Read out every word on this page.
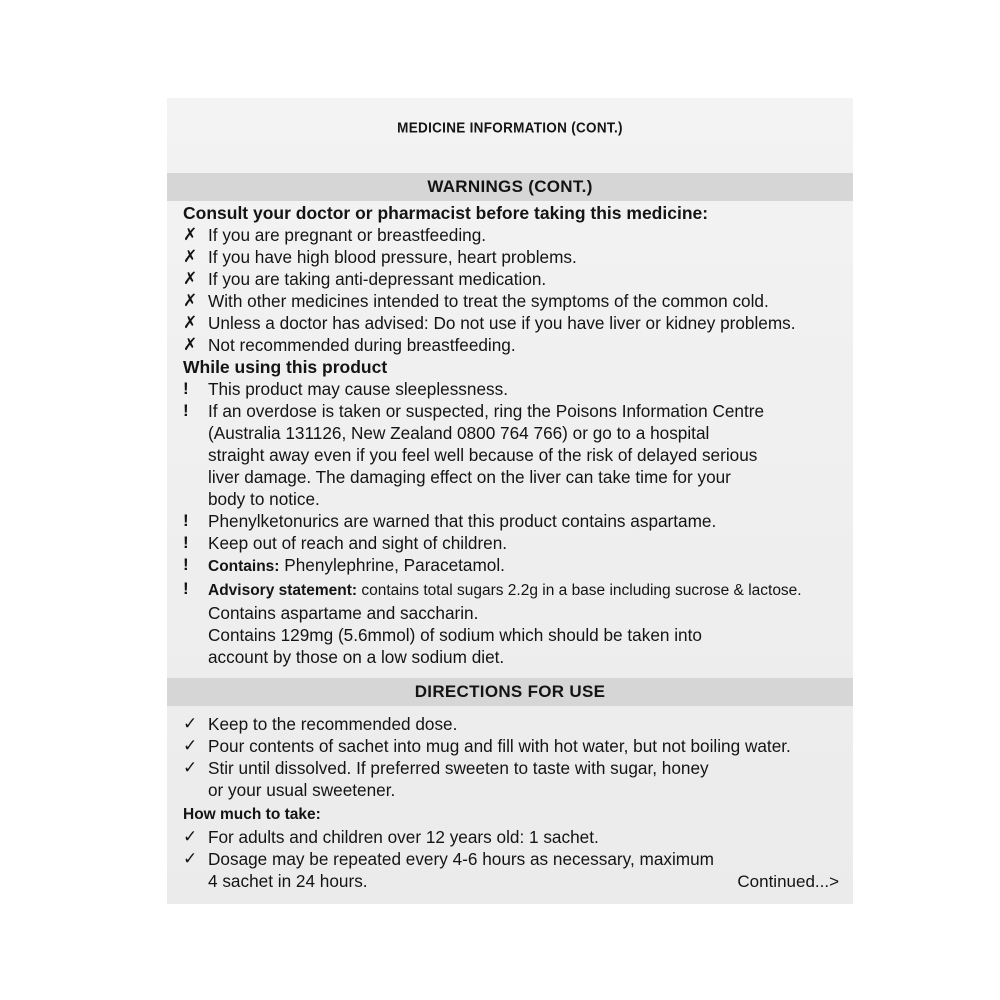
MEDICINE INFORMATION (CONT.)
WARNINGS (CONT.)
Consult your doctor or pharmacist before taking this medicine:
✗ If you are pregnant or breastfeeding.
✗ If you have high blood pressure, heart problems.
✗ If you are taking anti-depressant medication.
✗ With other medicines intended to treat the symptoms of the common cold.
✗ Unless a doctor has advised: Do not use if you have liver or kidney problems.
✗ Not recommended during breastfeeding.
While using this product
!	This product may cause sleeplessness.
!	If an overdose is taken or suspected, ring the Poisons Information Centre
(Australia 131126, New Zealand 0800 764 766) or go to a hospital
straight away even if you feel well because of the risk of delayed serious
liver damage. The damaging effect on the liver can take time for your
body to notice.
!	Phenylketonurics are warned that this product contains aspartame.
!	Keep out of reach and sight of children.
!	Contains: Phenylephrine, Paracetamol.
!	Advisory statement: contains total sugars 2.2g in a base including sucrose & lactose.
Contains aspartame and saccharin.
Contains 129mg (5.6mmol) of sodium which should be taken into
account by those on a low sodium diet.
DIRECTIONS FOR USE
✓ Keep to the recommended dose.
✓ Pour contents of sachet into mug and fill with hot water, but not boiling water.
✓ Stir until dissolved. If preferred sweeten to taste with sugar, honey
or your usual sweetener.
How much to take:
✓ For adults and children over 12 years old: 1 sachet.
✓ Dosage may be repeated every 4-6 hours as necessary, maximum
4 sachet in 24 hours.	Continued...>
